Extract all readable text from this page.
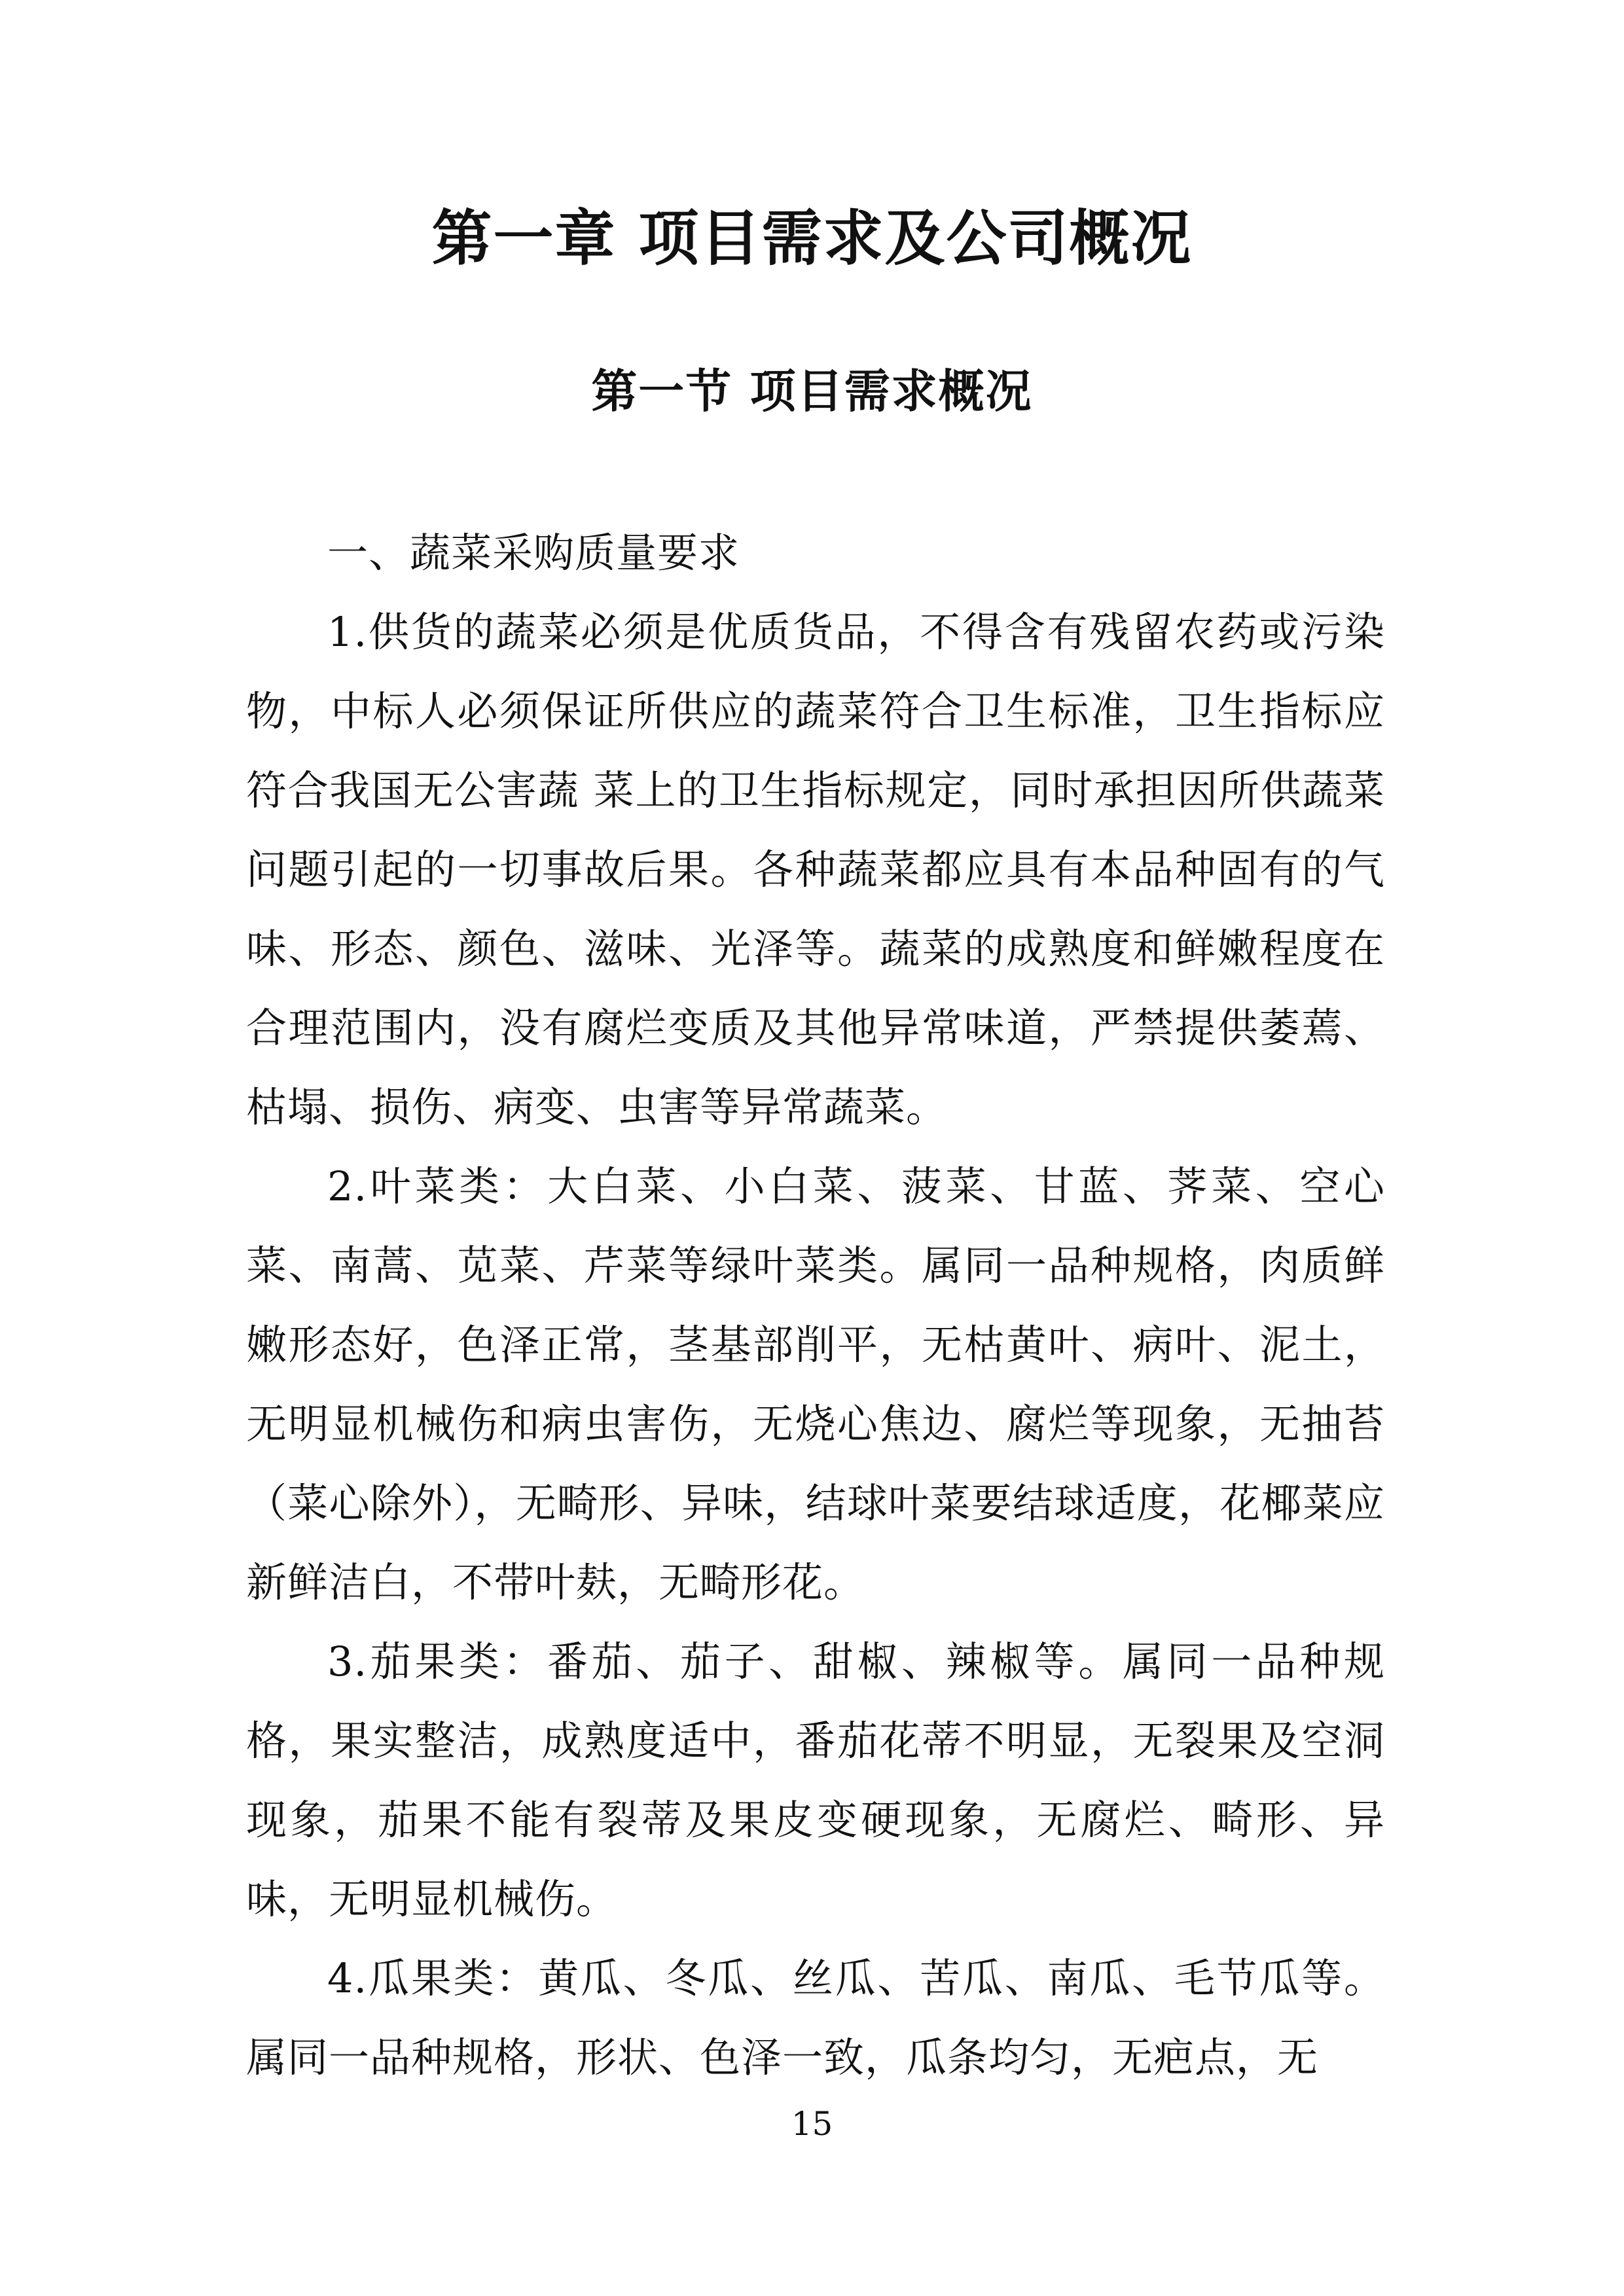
第一章 项目需求及公司概况
第一节 项目需求概况

一、蔬菜采购质量要求

1.供货的蔬菜必须是优质货品，不得含有残留农药或污染物，中标人必须保证所供应的蔬菜符合卫生标准，卫生指标应符合我国无公害蔬 菜上的卫生指标规定，同时承担因所供蔬菜问题引起的一切事故后果。各种蔬菜都应具有本品种固有的气味、形态、颜色、滋味、光泽等。蔬菜的成熟度和鲜嫩程度在合理范围内，没有腐烂变质及其他异常味道，严禁提供萎蔫、枯塌、损伤、病变、虫害等异常蔬菜。

2.叶菜类：大白菜、小白菜、菠菜、甘蓝、荠菜、空心菜、南蒿、苋菜、芹菜等绿叶菜类。属同一品种规格，肉质鲜嫩形态好，色泽正常，茎基部削平，无枯黄叶、病叶、泥土，无明显机械伤和病虫害伤，无烧心焦边、腐烂等现象，无抽苔（菜心除外），无畸形、异味，结球叶菜要结球适度，花椰菜应新鲜洁白，不带叶麸，无畸形花。

3.茄果类：番茄、茄子、甜椒、辣椒等。属同一品种规格，果实整洁，成熟度适中，番茄花蒂不明显，无裂果及空洞现象，茄果不能有裂蒂及果皮变硬现象，无腐烂、畸形、异味，无明显机械伤。

4.瓜果类：黄瓜、冬瓜、丝瓜、苦瓜、南瓜、毛节瓜等。属同一品种规格，形状、色泽一致，瓜条均匀，无疤点，无

15
